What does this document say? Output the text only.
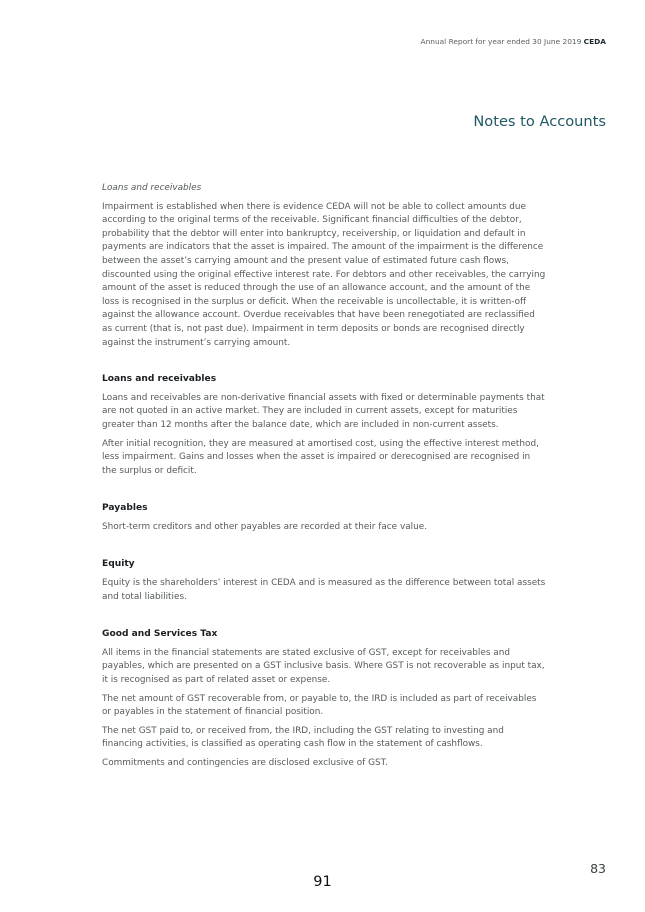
Annual Report for year ended 30 June 2019 CEDA
Notes to Accounts

Loans and receivables

Impairment is established when there is evidence CEDA will not be able to collect amounts due according to the original terms of the receivable. Significant financial difficulties of the debtor, probability that the debtor will enter into bankruptcy, receivership, or liquidation and default in payments are indicators that the asset is impaired. The amount of the impairment is the difference between the asset’s carrying amount and the present value of estimated future cash flows, discounted using the original effective interest rate. For debtors and other receivables, the carrying amount of the asset is reduced through the use of an allowance account, and the amount of the loss is recognised in the surplus or deficit. When the receivable is uncollectable, it is written-off against the allowance account. Overdue receivables that have been renegotiated are reclassified as current (that is, not past due). Impairment in term deposits or bonds are recognised directly against the instrument’s carrying amount.

Loans and receivables

Loans and receivables are non-derivative financial assets with fixed or determinable payments that are not quoted in an active market. They are included in current assets, except for maturities greater than 12 months after the balance date, which are included in non-current assets.

After initial recognition, they are measured at amortised cost, using the effective interest method, less impairment. Gains and losses when the asset is impaired or derecognised are recognised in the surplus or deficit.

Payables

Short-term creditors and other payables are recorded at their face value.

Equity

Equity is the shareholders’ interest in CEDA and is measured as the difference between total assets and total liabilities.

Good and Services Tax

All items in the financial statements are stated exclusive of GST, except for receivables and payables, which are presented on a GST inclusive basis. Where GST is not recoverable as input tax, it is recognised as part of related asset or expense.

The net amount of GST recoverable from, or payable to, the IRD is included as part of receivables or payables in the statement of financial position.

The net GST paid to, or received from, the IRD, including the GST relating to investing and financing activities, is classified as operating cash flow in the statement of cashflows.

Commitments and contingencies are disclosed exclusive of GST.

83
91
